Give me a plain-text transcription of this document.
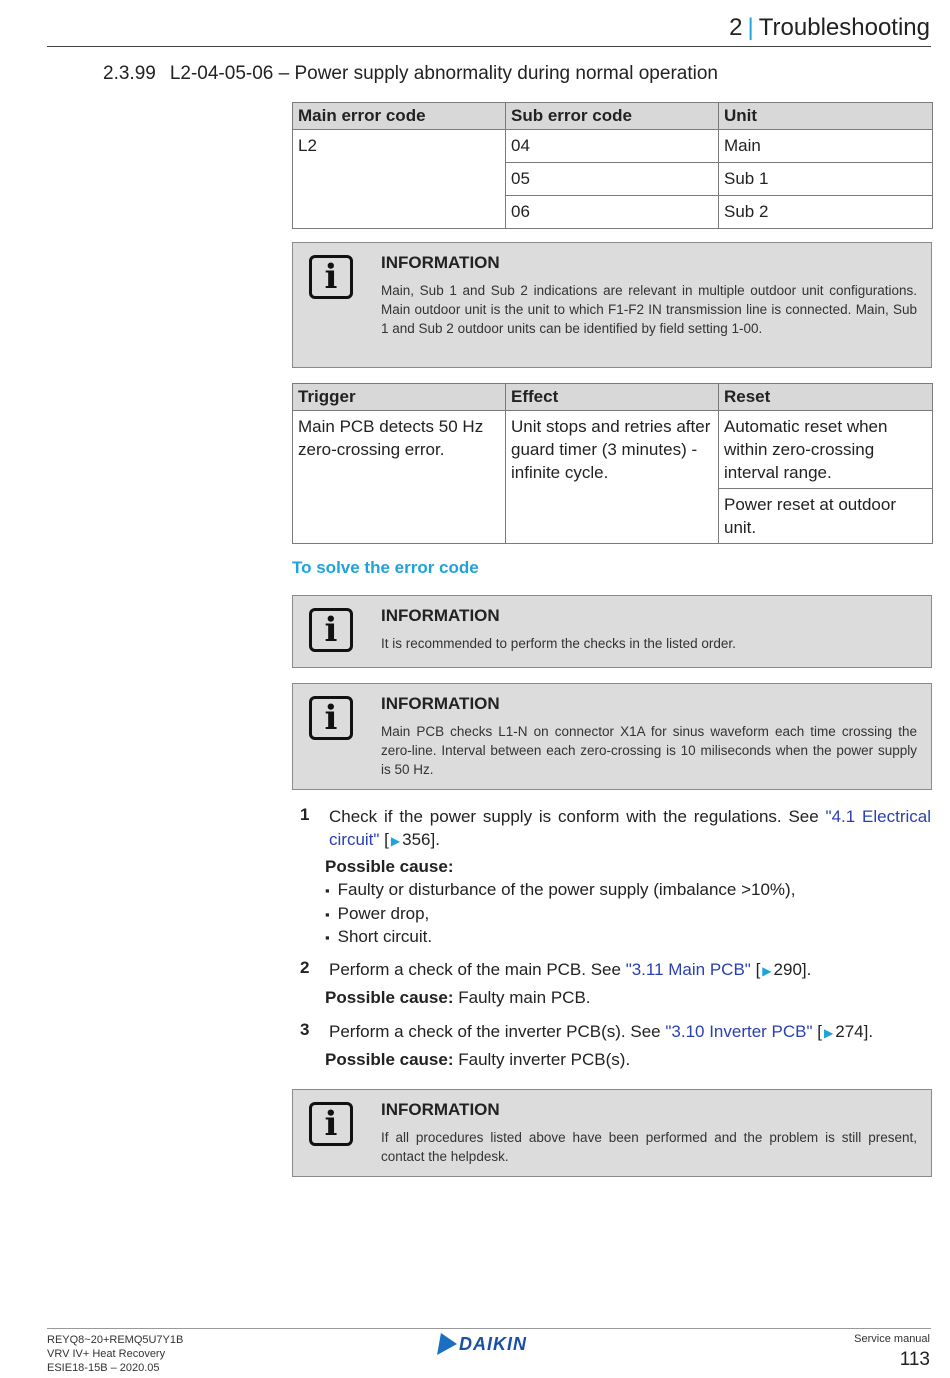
2 | Troubleshooting
2.3.99 L2-04-05-06 – Power supply abnormality during normal operation
Main error code	Sub error code	Unit
L2	04	Main
	05	Sub 1
	06	Sub 2
i	INFORMATION
Main, Sub 1 and Sub 2 indications are relevant in multiple outdoor unit configurations. Main outdoor unit is the unit to which F1-F2 IN transmission line is connected. Main, Sub 1 and Sub 2 outdoor units can be identified by field setting 1-00.
Trigger	Effect	Reset
Main PCB detects 50 Hz zero-crossing error.	Unit stops and retries after guard timer (3 minutes) - infinite cycle.	Automatic reset when within zero-crossing interval range.
		Power reset at outdoor unit.
To solve the error code
i	INFORMATION
It is recommended to perform the checks in the listed order.
i	INFORMATION
Main PCB checks L1-N on connector X1A for sinus waveform each time crossing the zero-line. Interval between each zero-crossing is 10 miliseconds when the power supply is 50 Hz.
1 Check if the power supply is conform with the regulations. See "4.1 Electrical circuit" [ ▶ 356].
Possible cause:
▪ Faulty or disturbance of the power supply (imbalance >10%),
▪ Power drop,
▪ Short circuit.
2 Perform a check of the main PCB. See "3.11 Main PCB" [ ▶ 290].
Possible cause: Faulty main PCB.
3 Perform a check of the inverter PCB(s). See "3.10 Inverter PCB" [ ▶ 274].
Possible cause: Faulty inverter PCB(s).
i	INFORMATION
If all procedures listed above have been performed and the problem is still present, contact the helpdesk.
REYQ8~20+REMQ5U7Y1B
VRV IV+ Heat Recovery
ESIE18-15B – 2020.05
DAIKIN	Service manual
113
